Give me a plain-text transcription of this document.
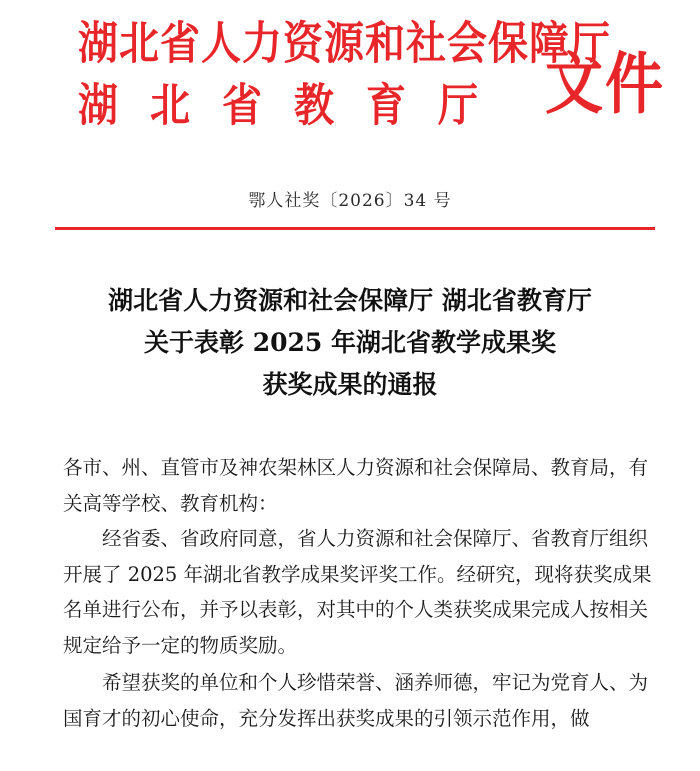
湖北省人力资源和社会保障厅
湖北省教育厅 文件
鄂人社奖〔2026〕34 号
湖北省人力资源和社会保障厅 湖北省教育厅
关于表彰 2025 年湖北省教学成果奖
获奖成果的通报

各市、州、直管市及神农架林区人力资源和社会保障局、教育局，有关高等学校、教育机构：

经省委、省政府同意，省人力资源和社会保障厅、省教育厅组织开展了 2025 年湖北省教学成果奖评奖工作。经研究，现将获奖成果名单进行公布，并予以表彰，对其中的个人类获奖成果完成人按相关规定给予一定的物质奖励。

希望获奖的单位和个人珍惜荣誉、涵养师德，牢记为党育人、为国育才的初心使命，充分发挥出获奖成果的引领示范作用，做
